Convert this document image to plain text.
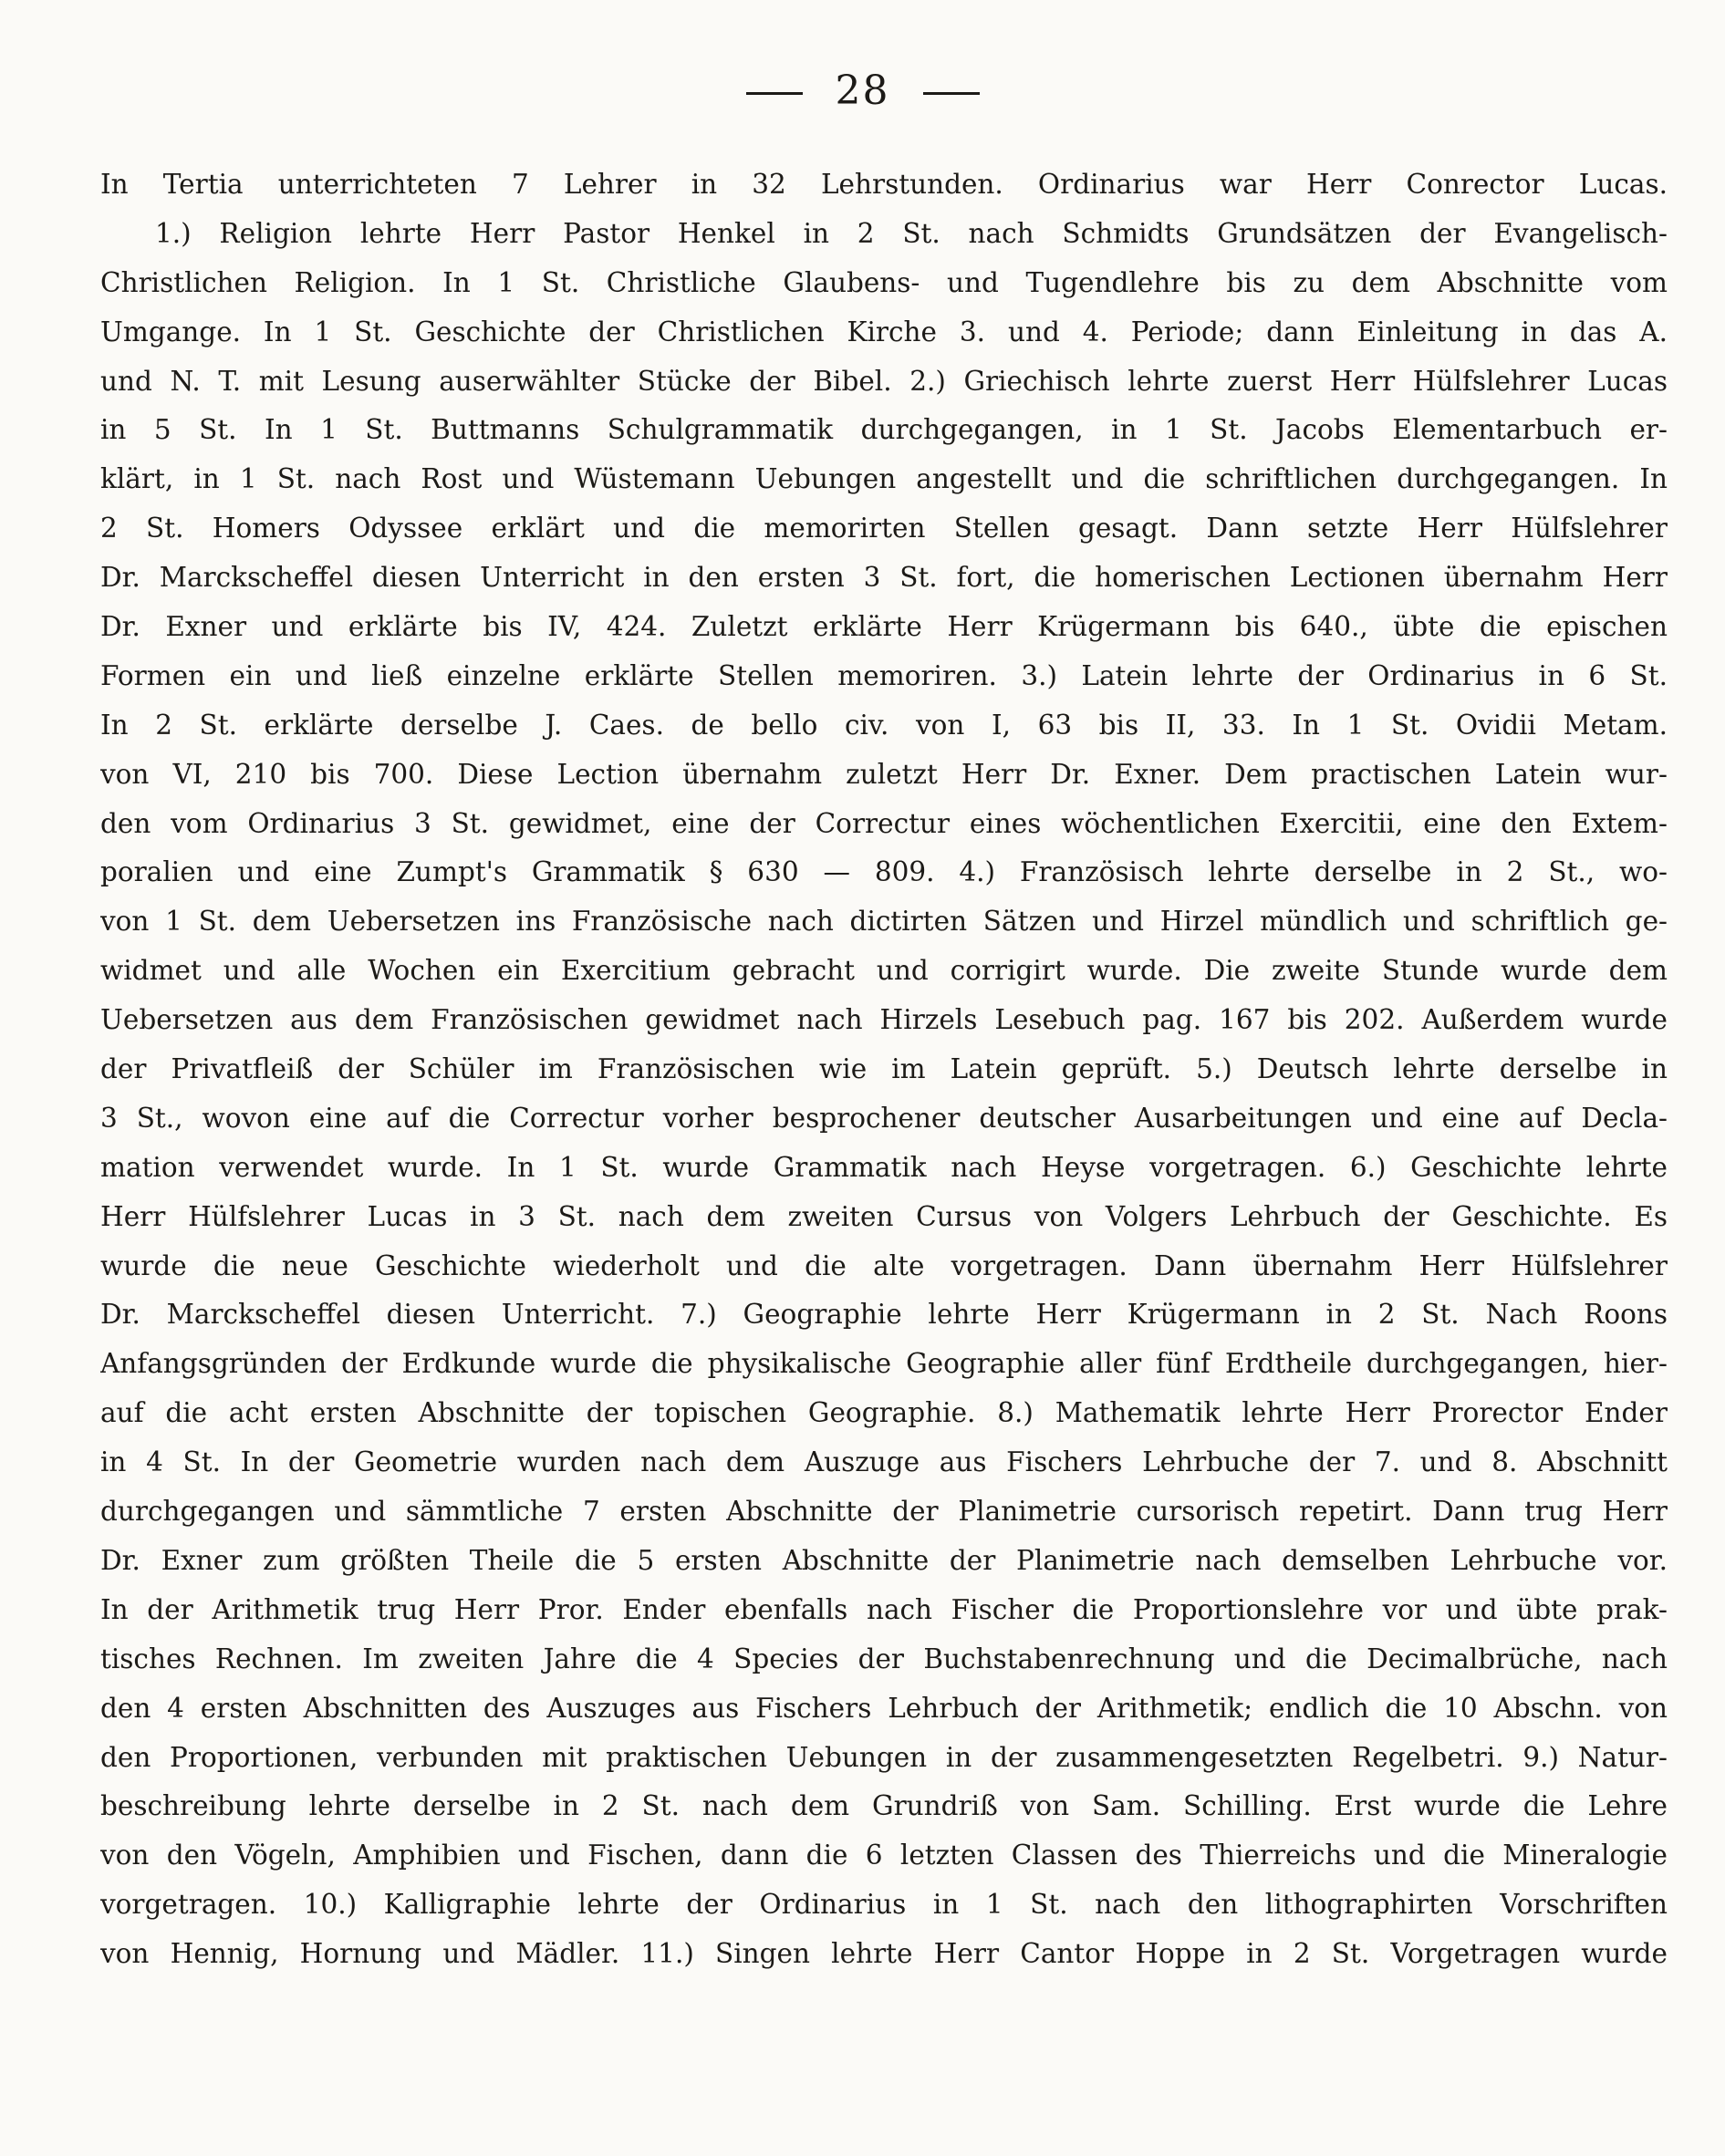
28
In Tertia unterrichteten 7 Lehrer in 32 Lehrstunden. Ordinarius war Herr Conrector Lucas.
1.) Religion lehrte Herr Pastor Henkel in 2 St. nach Schmidts Grundsätzen der Evangelisch-
Christlichen Religion. In 1 St. Christliche Glaubens- und Tugendlehre bis zu dem Abschnitte vom
Umgange. In 1 St. Geschichte der Christlichen Kirche 3. und 4. Periode; dann Einleitung in das A.
und N. T. mit Lesung auserwählter Stücke der Bibel. 2.) Griechisch lehrte zuerst Herr Hülfslehrer Lucas
in 5 St. In 1 St. Buttmanns Schulgrammatik durchgegangen, in 1 St. Jacobs Elementarbuch er-
klärt, in 1 St. nach Rost und Wüstemann Uebungen angestellt und die schriftlichen durchgegangen. In
2 St. Homers Odyssee erklärt und die memorirten Stellen gesagt. Dann setzte Herr Hülfslehrer
Dr. Marckscheffel diesen Unterricht in den ersten 3 St. fort, die homerischen Lectionen übernahm Herr
Dr. Exner und erklärte bis IV, 424. Zuletzt erklärte Herr Krügermann bis 640., übte die epischen
Formen ein und ließ einzelne erklärte Stellen memoriren. 3.) Latein lehrte der Ordinarius in 6 St.
In 2 St. erklärte derselbe J. Caes. de bello civ. von I, 63 bis II, 33. In 1 St. Ovidii Metam.
von VI, 210 bis 700. Diese Lection übernahm zuletzt Herr Dr. Exner. Dem practischen Latein wur-
den vom Ordinarius 3 St. gewidmet, eine der Correctur eines wöchentlichen Exercitii, eine den Extem-
poralien und eine Zumpt's Grammatik § 630 — 809. 4.) Französisch lehrte derselbe in 2 St., wo-
von 1 St. dem Uebersetzen ins Französische nach dictirten Sätzen und Hirzel mündlich und schriftlich ge-
widmet und alle Wochen ein Exercitium gebracht und corrigirt wurde. Die zweite Stunde wurde dem
Uebersetzen aus dem Französischen gewidmet nach Hirzels Lesebuch pag. 167 bis 202. Außerdem wurde
der Privatfleiß der Schüler im Französischen wie im Latein geprüft. 5.) Deutsch lehrte derselbe in
3 St., wovon eine auf die Correctur vorher besprochener deutscher Ausarbeitungen und eine auf Decla-
mation verwendet wurde. In 1 St. wurde Grammatik nach Heyse vorgetragen. 6.) Geschichte lehrte
Herr Hülfslehrer Lucas in 3 St. nach dem zweiten Cursus von Volgers Lehrbuch der Geschichte. Es
wurde die neue Geschichte wiederholt und die alte vorgetragen. Dann übernahm Herr Hülfslehrer
Dr. Marckscheffel diesen Unterricht. 7.) Geographie lehrte Herr Krügermann in 2 St. Nach Roons
Anfangsgründen der Erdkunde wurde die physikalische Geographie aller fünf Erdtheile durchgegangen, hier-
auf die acht ersten Abschnitte der topischen Geographie. 8.) Mathematik lehrte Herr Prorector Ender
in 4 St. In der Geometrie wurden nach dem Auszuge aus Fischers Lehrbuche der 7. und 8. Abschnitt
durchgegangen und sämmtliche 7 ersten Abschnitte der Planimetrie cursorisch repetirt. Dann trug Herr
Dr. Exner zum größten Theile die 5 ersten Abschnitte der Planimetrie nach demselben Lehrbuche vor.
In der Arithmetik trug Herr Pror. Ender ebenfalls nach Fischer die Proportionslehre vor und übte prak-
tisches Rechnen. Im zweiten Jahre die 4 Species der Buchstabenrechnung und die Decimalbrüche, nach
den 4 ersten Abschnitten des Auszuges aus Fischers Lehrbuch der Arithmetik; endlich die 10 Abschn. von
den Proportionen, verbunden mit praktischen Uebungen in der zusammengesetzten Regelbetri. 9.) Natur-
beschreibung lehrte derselbe in 2 St. nach dem Grundriß von Sam. Schilling. Erst wurde die Lehre
von den Vögeln, Amphibien und Fischen, dann die 6 letzten Classen des Thierreichs und die Mineralogie
vorgetragen. 10.) Kalligraphie lehrte der Ordinarius in 1 St. nach den lithographirten Vorschriften
von Hennig, Hornung und Mädler. 11.) Singen lehrte Herr Cantor Hoppe in 2 St. Vorgetragen wurde
